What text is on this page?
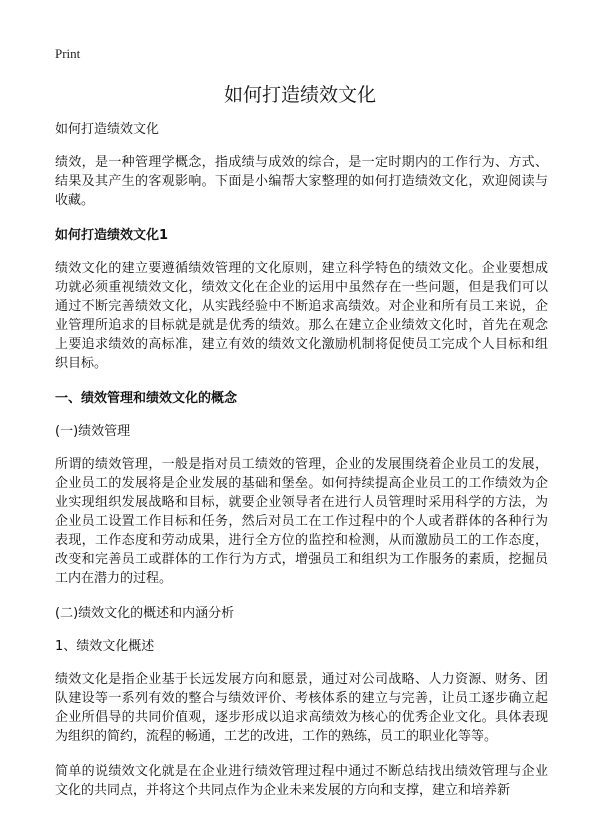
Print
如何打造绩效文化

如何打造绩效文化

绩效，是一种管理学概念，指成绩与成效的综合，是一定时期内的工作行为、方式、结果及其产生的客观影响。下面是小编帮大家整理的如何打造绩效文化，欢迎阅读与收藏。

如何打造绩效文化1

绩效文化的建立要遵循绩效管理的文化原则，建立科学特色的绩效文化。企业要想成功就必须重视绩效文化，绩效文化在企业的运用中虽然存在一些问题，但是我们可以通过不断完善绩效文化，从实践经验中不断追求高绩效。对企业和所有员工来说，企业管理所追求的目标就是就是优秀的绩效。那么在建立企业绩效文化时，首先在观念上要追求绩效的高标准，建立有效的绩效文化激励机制将促使员工完成个人目标和组织目标。

一、绩效管理和绩效文化的概念

(一)绩效管理

所谓的绩效管理，一般是指对员工绩效的管理，企业的发展围绕着企业员工的发展，企业员工的发展将是企业发展的基础和堡垒。如何持续提高企业员工的工作绩效为企业实现组织发展战略和目标，就要企业领导者在进行人员管理时采用科学的方法，为企业员工设置工作目标和任务，然后对员工在工作过程中的个人或者群体的各种行为表现，工作态度和劳动成果，进行全方位的监控和检测，从而激励员工的工作态度，改变和完善员工或群体的工作行为方式，增强员工和组织为工作服务的素质，挖掘员工内在潜力的过程。

(二)绩效文化的概述和内涵分析

1、绩效文化概述

绩效文化是指企业基于长远发展方向和愿景，通过对公司战略、人力资源、财务、团队建设等一系列有效的整合与绩效评价、考核体系的建立与完善，让员工逐步确立起企业所倡导的共同价值观，逐步形成以追求高绩效为核心的优秀企业文化。具体表现为组织的简约，流程的畅通，工艺的改进，工作的熟练，员工的职业化等等。

简单的说绩效文化就是在企业进行绩效管理过程中通过不断总结找出绩效管理与企业文化的共同点，并将这个共同点作为企业未来发展的方向和支撑，建立和培养新
